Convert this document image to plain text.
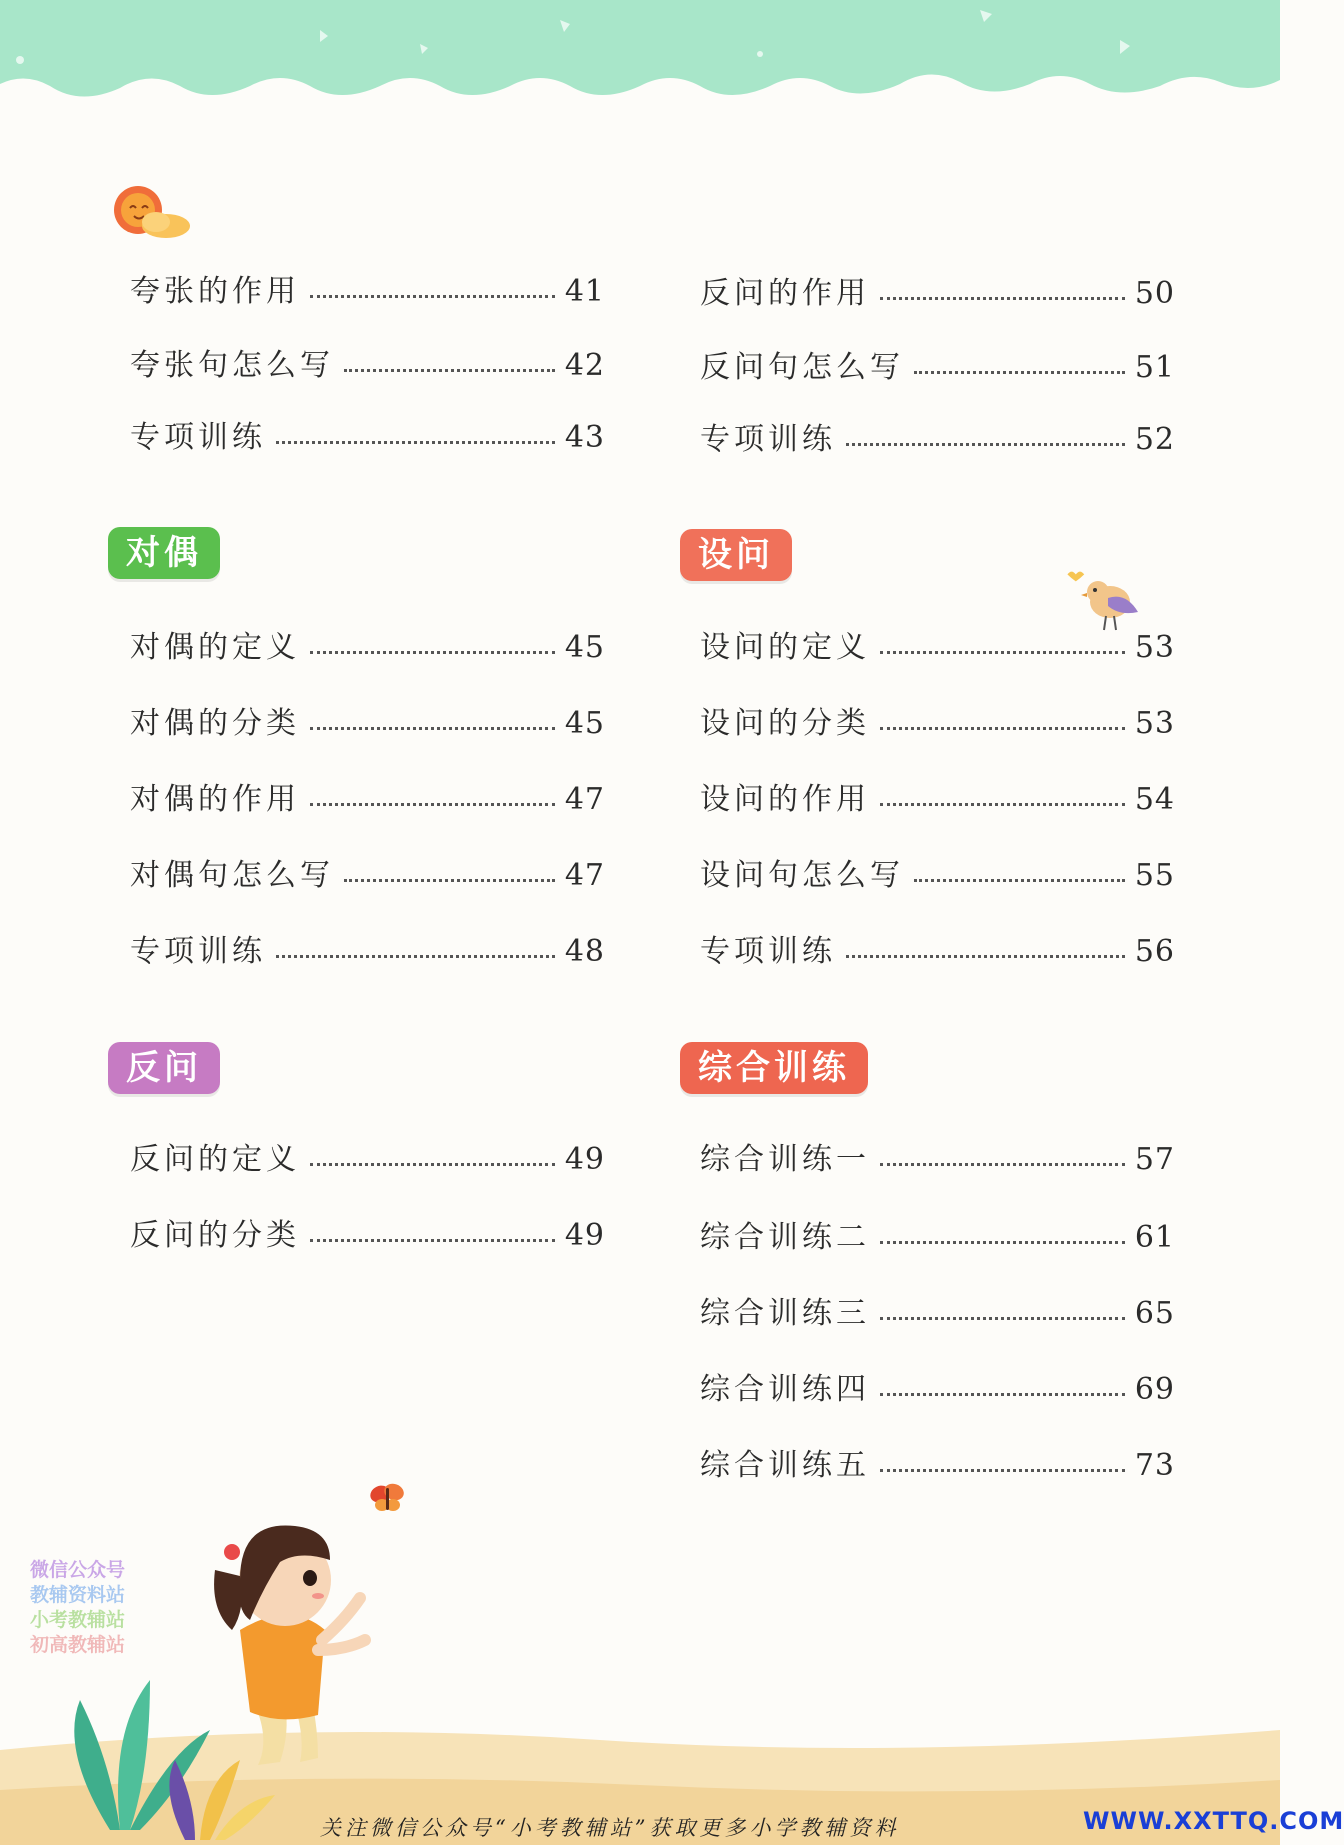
夸张的作用	41
夸张句怎么写	42
专项训练	43
对偶
对偶的定义	45
对偶的分类	45
对偶的作用	47
对偶句怎么写	47
专项训练	48
反问
反问的定义	49
反问的分类	49
反问的作用	50
反问句怎么写	51
专项训练	52
设问
设问的定义	53
设问的分类	53
设问的作用	54
设问句怎么写	55
专项训练	56
综合训练
综合训练一	57
综合训练二	61
综合训练三	65
综合训练四	69
综合训练五	73
微信公众号
教辅资料站
小考教辅站
初高教辅站
关注微信公众号“小考教辅站”获取更多小学教辅资料	WWW.XXTTQ.COM
